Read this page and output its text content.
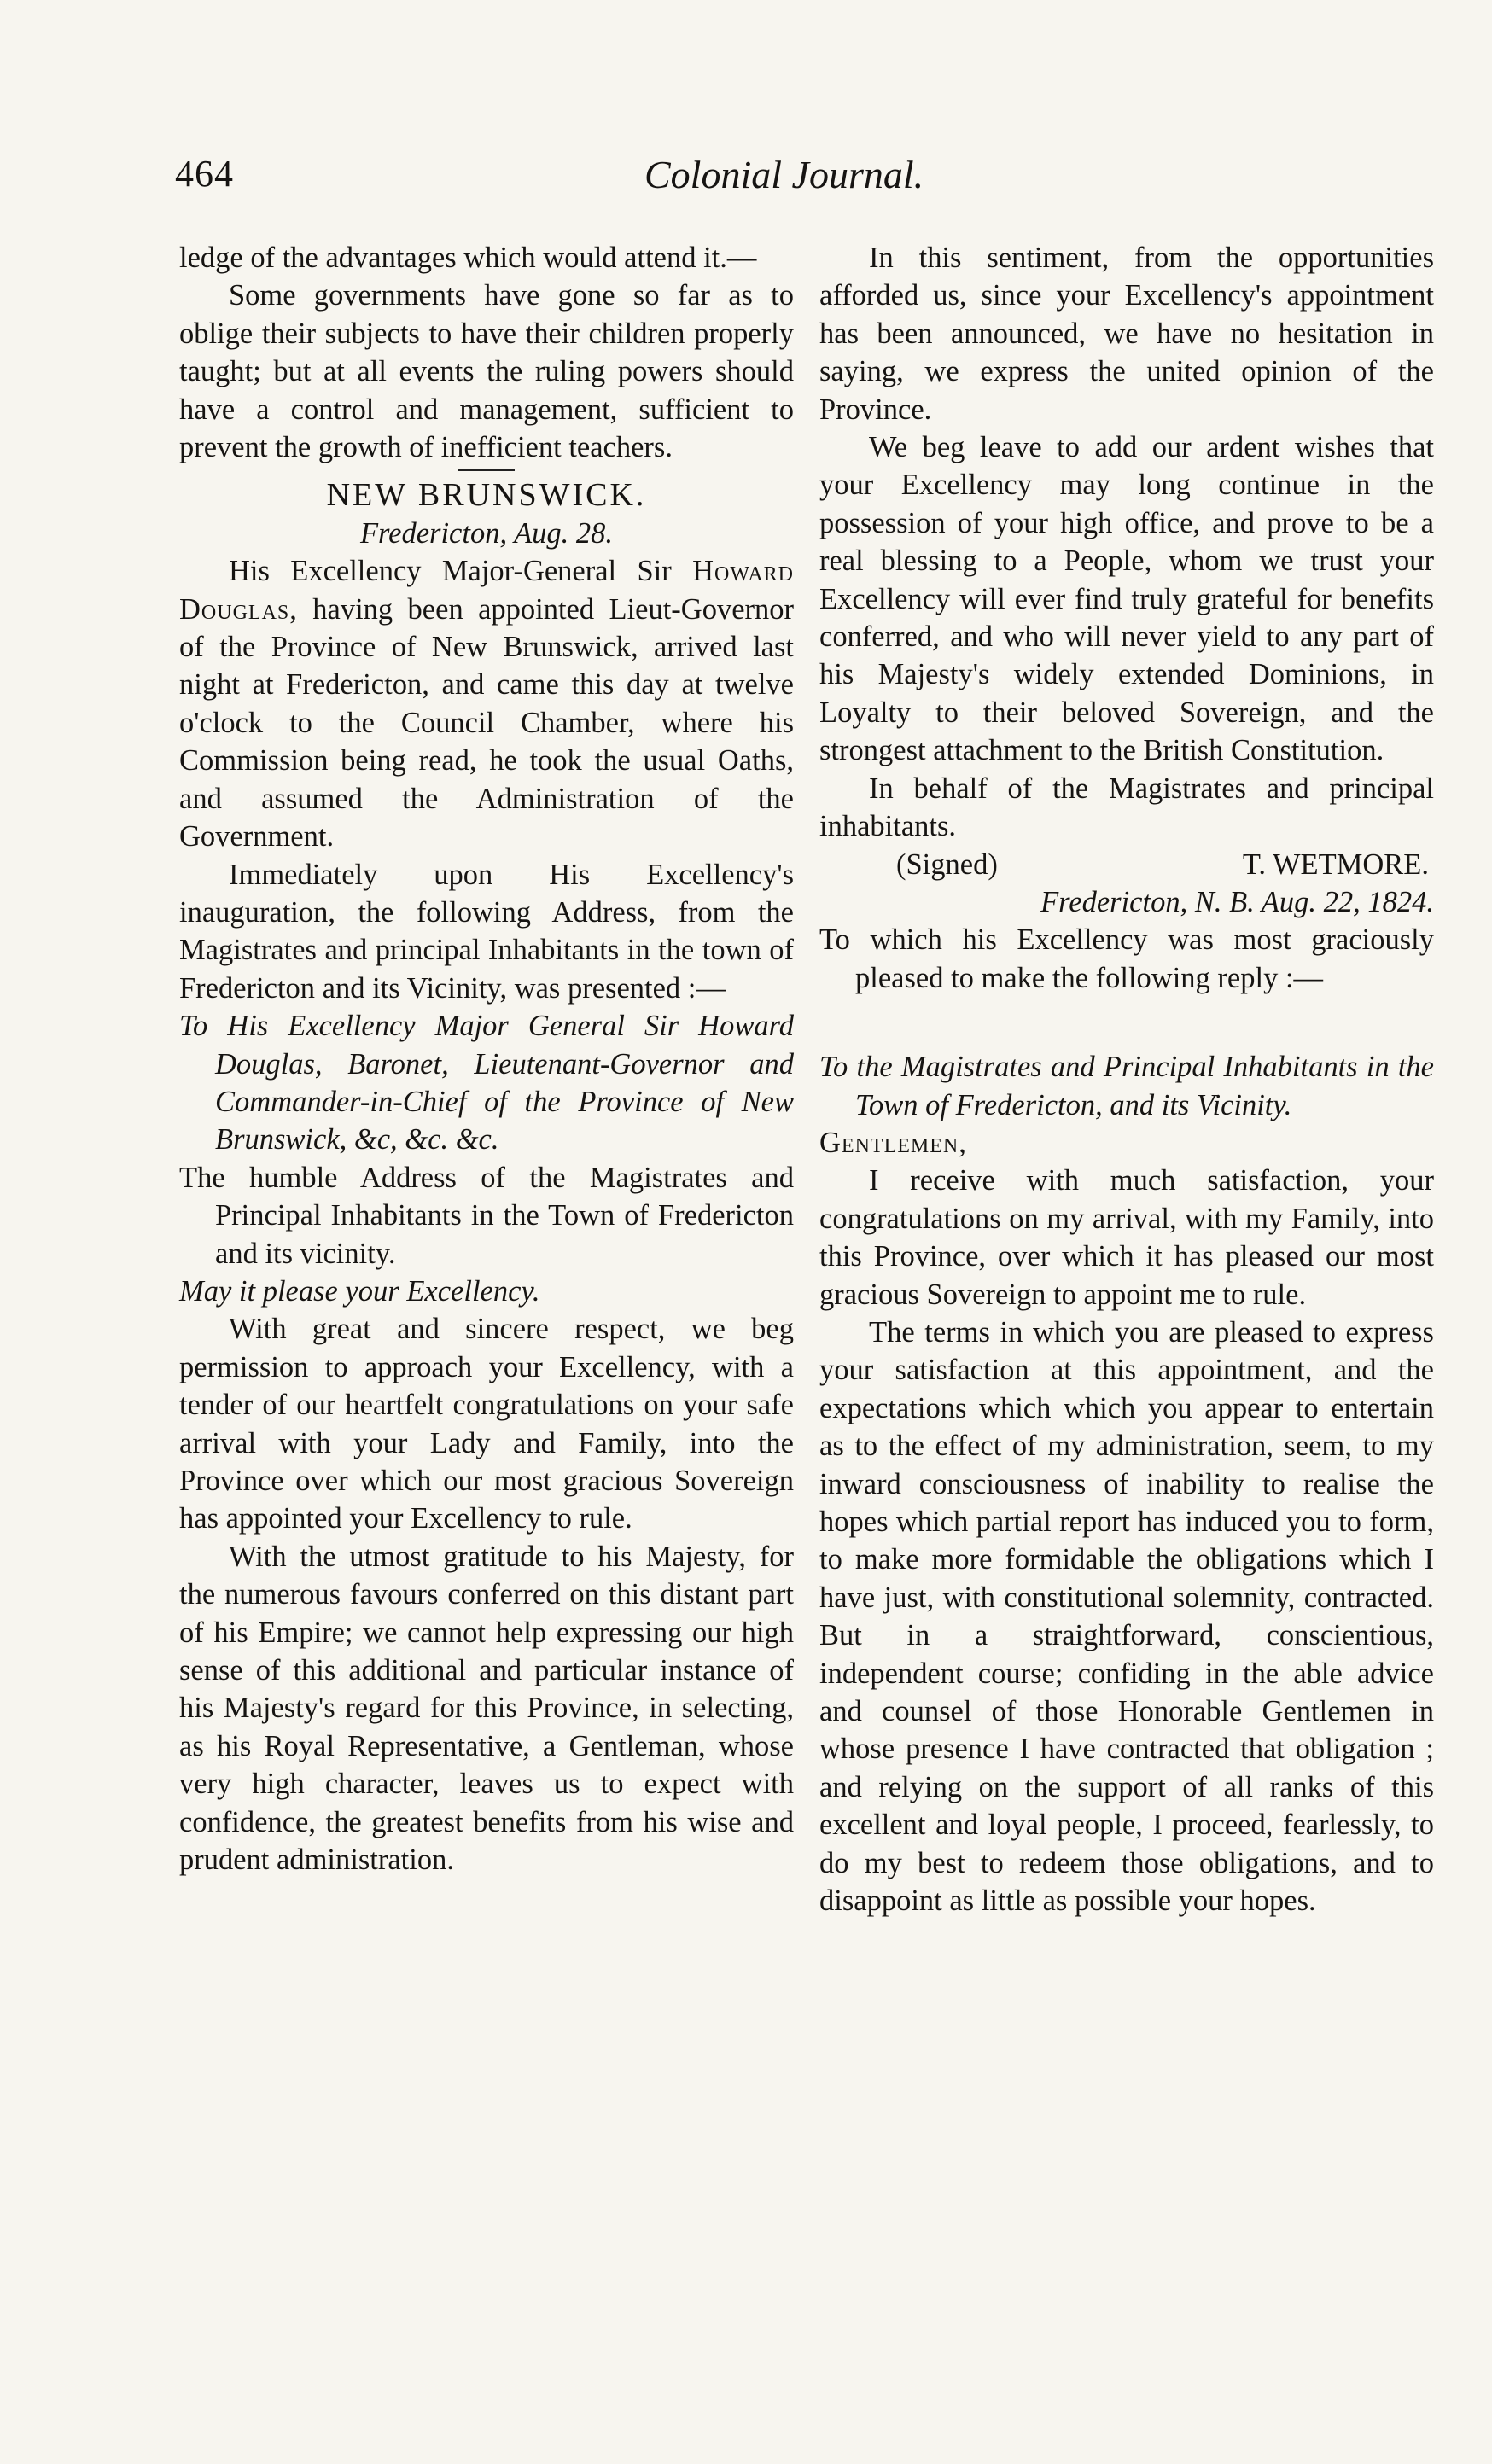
464	Colonial Journal.

ledge of the advantages which would attend it.—

Some governments have gone so far as to oblige their subjects to have their children properly taught; but at all events the ruling powers should have a control and management, sufficient to prevent the growth of inefficient teachers.

NEW BRUNSWICK.

Fredericton, Aug. 28.

His Excellency Major-General Sir Howard Douglas, having been appointed Lieut-Governor of the Province of New Brunswick, arrived last night at Fredericton, and came this day at twelve o'clock to the Council Chamber, where his Commission being read, he took the usual Oaths, and assumed the Administration of the Government.

Immediately upon His Excellency's inauguration, the following Address, from the Magistrates and principal Inhabitants in the town of Fredericton and its Vicinity, was presented :—

To His Excellency Major General Sir Howard Douglas, Baronet, Lieutenant-Governor and Commander-in-Chief of the Province of New Brunswick, &c, &c. &c.

The humble Address of the Magistrates and Principal Inhabitants in the Town of Fredericton and its vicinity.

May it please your Excellency.

With great and sincere respect, we beg permission to approach your Excellency, with a tender of our heartfelt congratulations on your safe arrival with your Lady and Family, into the Province over which our most gracious Sovereign has appointed your Excellency to rule.

With the utmost gratitude to his Majesty, for the numerous favours conferred on this distant part of his Empire; we cannot help expressing our high sense of this additional and particular instance of his Majesty's regard for this Province, in selecting, as his Royal Representative, a Gentleman, whose very high character, leaves us to expect with confidence, the greatest benefits from his wise and prudent administration.

In this sentiment, from the opportunities afforded us, since your Excellency's appointment has been announced, we have no hesitation in saying, we express the united opinion of the Province.

We beg leave to add our ardent wishes that your Excellency may long continue in the possession of your high office, and prove to be a real blessing to a People, whom we trust your Excellency will ever find truly grateful for benefits conferred, and who will never yield to any part of his Majesty's widely extended Dominions, in Loyalty to their beloved Sovereign, and the strongest attachment to the British Constitution.

In behalf of the Magistrates and principal inhabitants.

(Signed)	T. WETMORE.

Fredericton, N. B. Aug. 22, 1824.

To which his Excellency was most graciously pleased to make the following reply :—

To the Magistrates and Principal Inhabitants in the Town of Fredericton, and its Vicinity.

Gentlemen,

I receive with much satisfaction, your congratulations on my arrival, with my Family, into this Province, over which it has pleased our most gracious Sovereign to appoint me to rule.

The terms in which you are pleased to express your satisfaction at this appointment, and the expectations which which you appear to entertain as to the effect of my administration, seem, to my inward consciousness of inability to realise the hopes which partial report has induced you to form, to make more formidable the obligations which I have just, with constitutional solemnity, contracted. But in a straightforward, conscientious, independent course; confiding in the able advice and counsel of those Honorable Gentlemen in whose presence I have contracted that obligation ; and relying on the support of all ranks of this excellent and loyal people, I proceed, fearlessly, to do my best to redeem those obligations, and to disappoint as little as possible your hopes.
